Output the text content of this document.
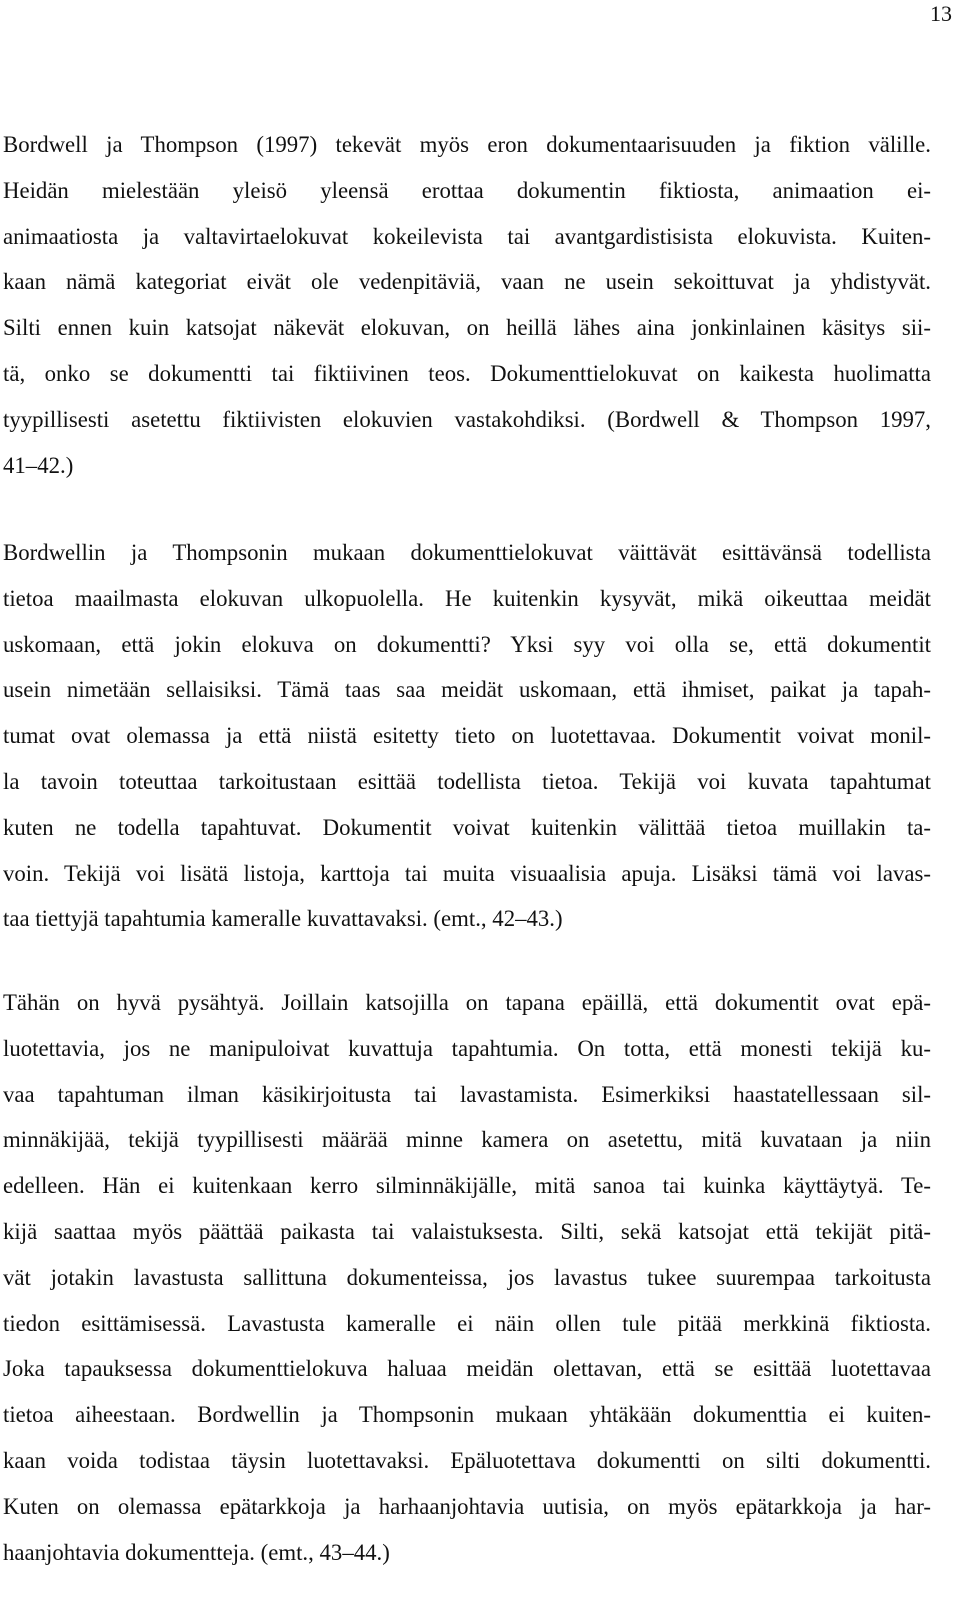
13
Bordwell ja Thompson (1997) tekevät myös eron dokumentaarisuuden ja fiktion välille.
Heidän mielestään yleisö yleensä erottaa dokumentin fiktiosta, animaation ei-
animaatiosta ja valtavirtaelokuvat kokeilevista tai avantgardistisista elokuvista. Kuiten-
kaan nämä kategoriat eivät ole vedenpitäviä, vaan ne usein sekoittuvat ja yhdistyvät.
Silti ennen kuin katsojat näkevät elokuvan, on heillä lähes aina jonkinlainen käsitys sii-
tä, onko se dokumentti tai fiktiivinen teos. Dokumenttielokuvat on kaikesta huolimatta
tyypillisesti asetettu fiktiivisten elokuvien vastakohdiksi. (Bordwell & Thompson 1997,
41–42.)
Bordwellin ja Thompsonin mukaan dokumenttielokuvat väittävät esittävänsä todellista
tietoa maailmasta elokuvan ulkopuolella. He kuitenkin kysyvät, mikä oikeuttaa meidät
uskomaan, että jokin elokuva on dokumentti? Yksi syy voi olla se, että dokumentit
usein nimetään sellaisiksi. Tämä taas saa meidät uskomaan, että ihmiset, paikat ja tapah-
tumat ovat olemassa ja että niistä esitetty tieto on luotettavaa. Dokumentit voivat monil-
la tavoin toteuttaa tarkoitustaan esittää todellista tietoa. Tekijä voi kuvata tapahtumat
kuten ne todella tapahtuvat. Dokumentit voivat kuitenkin välittää tietoa muillakin ta-
voin. Tekijä voi lisätä listoja, karttoja tai muita visuaalisia apuja. Lisäksi tämä voi lavas-
taa tiettyjä tapahtumia kameralle kuvattavaksi. (emt., 42–43.)
Tähän on hyvä pysähtyä. Joillain katsojilla on tapana epäillä, että dokumentit ovat epä-
luotettavia, jos ne manipuloivat kuvattuja tapahtumia. On totta, että monesti tekijä ku-
vaa tapahtuman ilman käsikirjoitusta tai lavastamista. Esimerkiksi haastatellessaan sil-
minnäkijää, tekijä tyypillisesti määrää minne kamera on asetettu, mitä kuvataan ja niin
edelleen. Hän ei kuitenkaan kerro silminnäkijälle, mitä sanoa tai kuinka käyttäytyä. Te-
kijä saattaa myös päättää paikasta tai valaistuksesta. Silti, sekä katsojat että tekijät pitä-
vät jotakin lavastusta sallittuna dokumenteissa, jos lavastus tukee suurempaa tarkoitusta
tiedon esittämisessä. Lavastusta kameralle ei näin ollen tule pitää merkkinä fiktiosta.
Joka tapauksessa dokumenttielokuva haluaa meidän olettavan, että se esittää luotettavaa
tietoa aiheestaan. Bordwellin ja Thompsonin mukaan yhtäkään dokumenttia ei kuiten-
kaan voida todistaa täysin luotettavaksi. Epäluotettava dokumentti on silti dokumentti.
Kuten on olemassa epätarkkoja ja harhaanjohtavia uutisia, on myös epätarkkoja ja har-
haanjohtavia dokumentteja. (emt., 43–44.)
